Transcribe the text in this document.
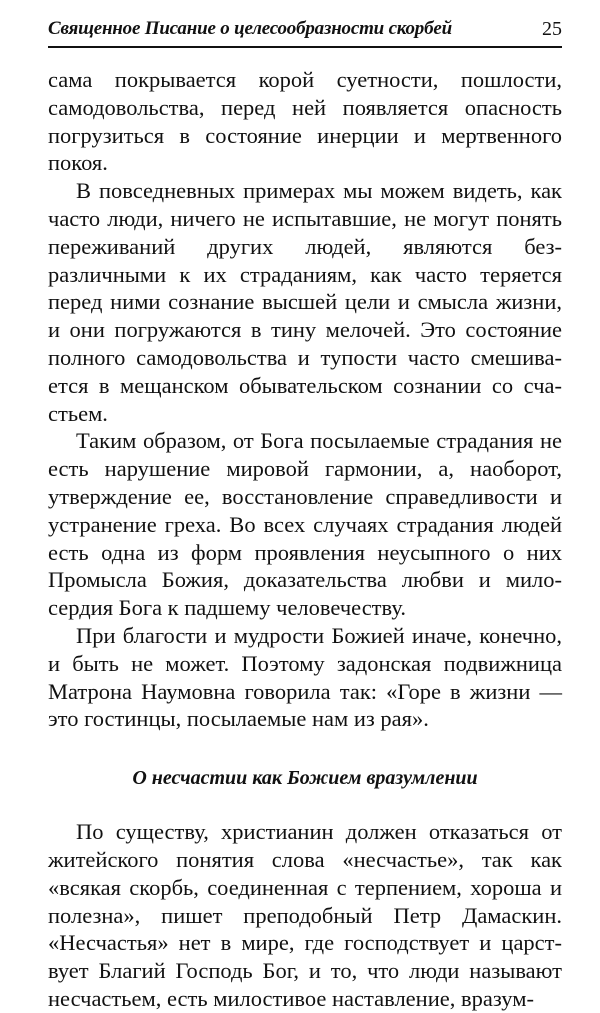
Священное Писание о целесообразности скорбей	25

сама покрывается корой суетности, пошлости, самодовольства, перед ней появляется опасность погрузиться в состояние инерции и мертвенного покоя.

В повседневных примерах мы можем видеть, как часто люди, ничего не испытавшие, не могут понять переживаний других людей, являются безразличными к их страданиям, как часто теряется перед ними сознание высшей цели и смысла жизни, и они погружаются в тину мелочей. Это состояние полного самодовольства и тупости часто смешивается в мещанском обывательском сознании со счастьем.

Таким образом, от Бога посылаемые страдания не есть нарушение мировой гармонии, а, наоборот, утверждение ее, восстановление справедливости и устранение греха. Во всех случаях страдания людей есть одна из форм проявления неусыпного о них Промысла Божия, доказательства любви и милосердия Бога к падшему человечеству.

При благости и мудрости Божией иначе, конечно, и быть не может. Поэтому задонская подвижница Матрона Наумовна говорила так: «Горе в жизни — это гостинцы, посылаемые нам из рая».

О несчастии как Божием вразумлении

По существу, христианин должен отказаться от житейского понятия слова «несчастье», так как «всякая скорбь, соединенная с терпением, хороша и полезна», пишет преподобный Петр Дамаскин. «Несчастья» нет в мире, где господствует и царствует Благий Господь Бог, и то, что люди называют несчастьем, есть милостивое наставление, вразум-
